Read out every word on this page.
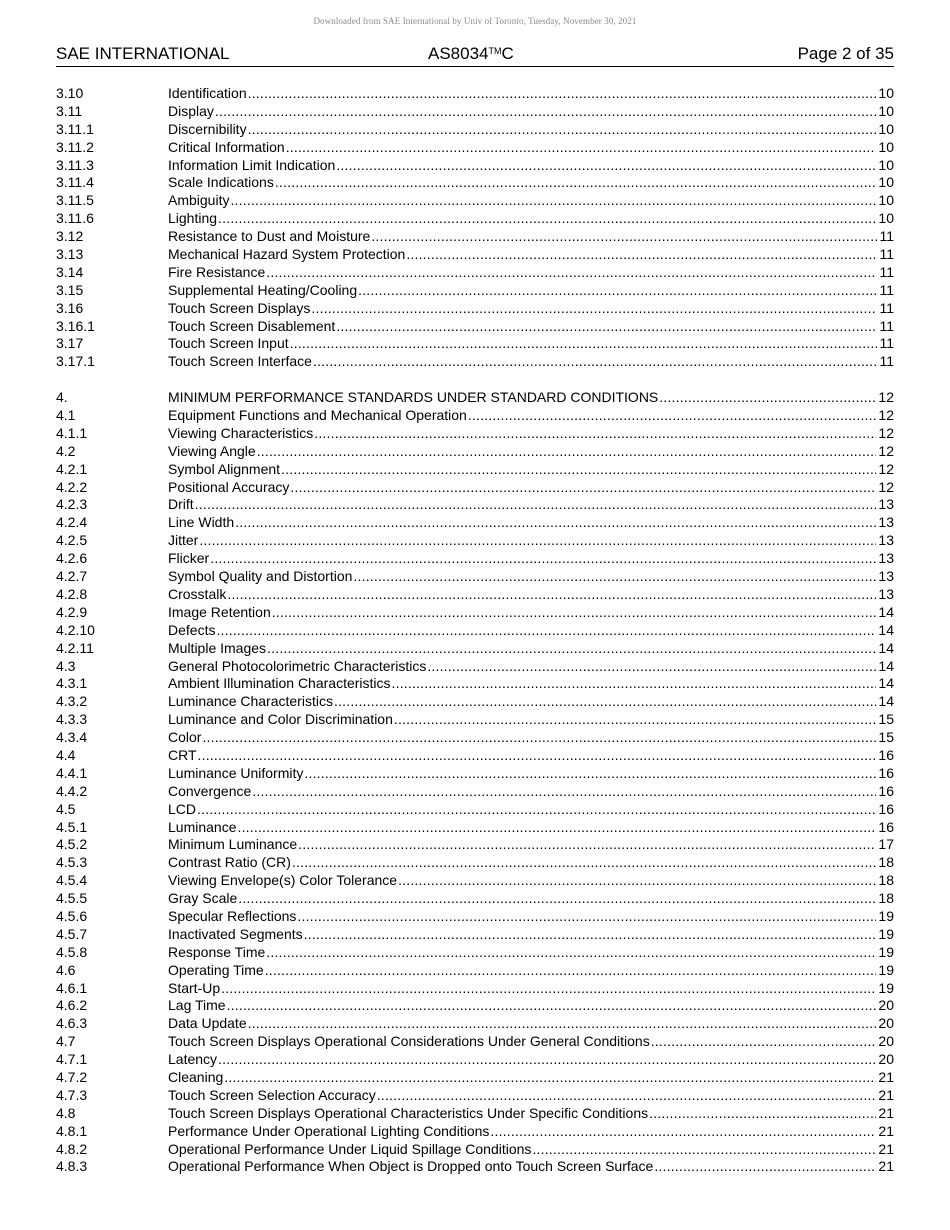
Downloaded from SAE International by Univ of Toronto, Tuesday, November 30, 2021
SAE INTERNATIONAL	AS8034™C	Page 2 of 35
3.10	Identification .....	10
3.11	Display .....	10
3.11.1	Discernibility .....	10
3.11.2	Critical Information .....	10
3.11.3	Information Limit Indication .....	10
3.11.4	Scale Indications .....	10
3.11.5	Ambiguity .....	10
3.11.6	Lighting .....	10
3.12	Resistance to Dust and Moisture .....	11
3.13	Mechanical Hazard System Protection .....	11
3.14	Fire Resistance .....	11
3.15	Supplemental Heating/Cooling .....	11
3.16	Touch Screen Displays .....	11
3.16.1	Touch Screen Disablement .....	11
3.17	Touch Screen Input .....	11
3.17.1	Touch Screen Interface .....	11
4.	MINIMUM PERFORMANCE STANDARDS UNDER STANDARD CONDITIONS .....	12
4.1	Equipment Functions and Mechanical Operation .....	12
4.1.1	Viewing Characteristics .....	12
4.2	Viewing Angle .....	12
4.2.1	Symbol Alignment .....	12
4.2.2	Positional Accuracy .....	12
4.2.3	Drift .....	13
4.2.4	Line Width .....	13
4.2.5	Jitter .....	13
4.2.6	Flicker .....	13
4.2.7	Symbol Quality and Distortion .....	13
4.2.8	Crosstalk .....	13
4.2.9	Image Retention .....	14
4.2.10	Defects .....	14
4.2.11	Multiple Images .....	14
4.3	General Photocolorimetric Characteristics .....	14
4.3.1	Ambient Illumination Characteristics .....	14
4.3.2	Luminance Characteristics .....	14
4.3.3	Luminance and Color Discrimination .....	15
4.3.4	Color .....	15
4.4	CRT .....	16
4.4.1	Luminance Uniformity .....	16
4.4.2	Convergence .....	16
4.5	LCD .....	16
4.5.1	Luminance .....	16
4.5.2	Minimum Luminance .....	17
4.5.3	Contrast Ratio (CR) .....	18
4.5.4	Viewing Envelope(s) Color Tolerance .....	18
4.5.5	Gray Scale .....	18
4.5.6	Specular Reflections .....	19
4.5.7	Inactivated Segments .....	19
4.5.8	Response Time .....	19
4.6	Operating Time .....	19
4.6.1	Start-Up .....	19
4.6.2	Lag Time .....	20
4.6.3	Data Update .....	20
4.7	Touch Screen Displays Operational Considerations Under General Conditions .....	20
4.7.1	Latency .....	20
4.7.2	Cleaning .....	21
4.7.3	Touch Screen Selection Accuracy .....	21
4.8	Touch Screen Displays Operational Characteristics Under Specific Conditions .....	21
4.8.1	Performance Under Operational Lighting Conditions .....	21
4.8.2	Operational Performance Under Liquid Spillage Conditions .....	21
4.8.3	Operational Performance When Object is Dropped onto Touch Screen Surface .....	21
